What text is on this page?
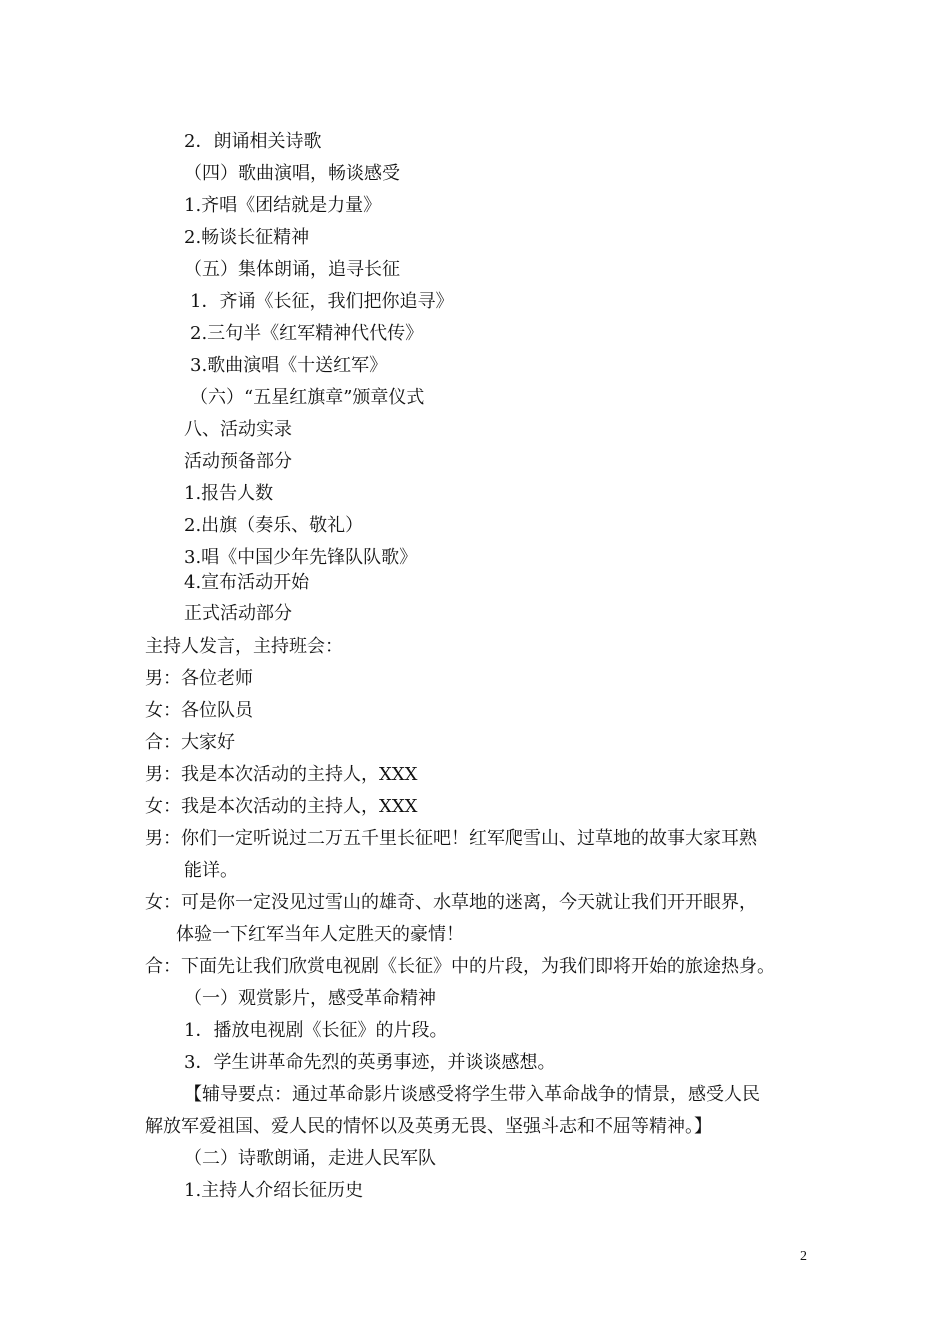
2．朗诵相关诗歌
（四）歌曲演唱，畅谈感受
1.齐唱《团结就是力量》
2.畅谈长征精神
（五）集体朗诵，追寻长征
1．齐诵《长征，我们把你追寻》
2.三句半《红军精神代代传》
3.歌曲演唱《十送红军》
（六）“五星红旗章”颁章仪式
八、活动实录
活动预备部分
1.报告人数
2.出旗（奏乐、敬礼）
3.唱《中国少年先锋队队歌》
4.宣布活动开始
正式活动部分
主持人发言，主持班会：
男：各位老师
女：各位队员
合：大家好
男：我是本次活动的主持人，XXX
女：我是本次活动的主持人，XXX
男：你们一定听说过二万五千里长征吧！红军爬雪山、过草地的故事大家耳熟
能详。
女：可是你一定没见过雪山的雄奇、水草地的迷离，今天就让我们开开眼界，
体验一下红军当年人定胜天的豪情！
合：下面先让我们欣赏电视剧《长征》中的片段，为我们即将开始的旅途热身。
（一）观赏影片，感受革命精神
1．播放电视剧《长征》的片段。
3．学生讲革命先烈的英勇事迹，并谈谈感想。
【辅导要点：通过革命影片谈感受将学生带入革命战争的情景，感受人民
解放军爱祖国、爱人民的情怀以及英勇无畏、坚强斗志和不屈等精神。】
（二）诗歌朗诵，走进人民军队
1.主持人介绍长征历史
2
